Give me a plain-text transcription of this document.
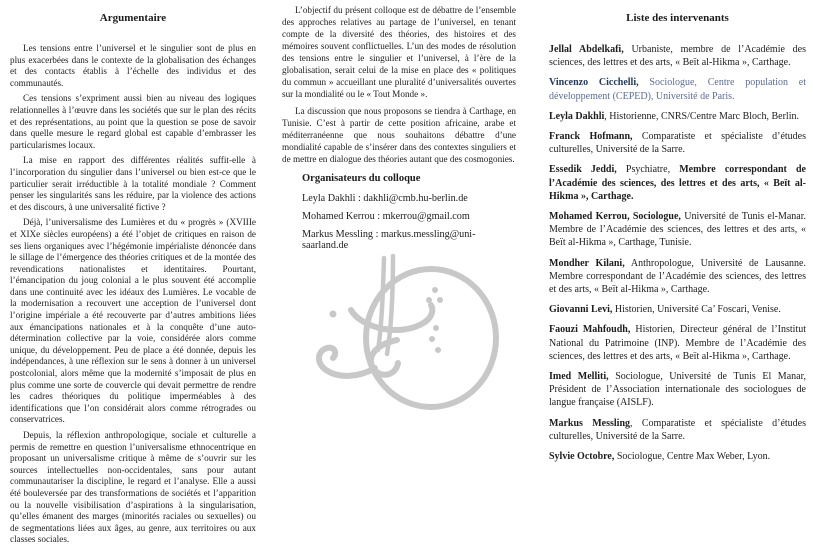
Argumentaire

Les tensions entre l’universel et le singulier sont de plus en plus exacerbées dans le contexte de la globalisation des échanges et des contacts établis à l’échelle des individus et des communautés.

Ces tensions s’expriment aussi bien au niveau des logiques relationnelles à l’œuvre dans les sociétés que sur le plan des récits et des représentations, au point que la question se pose de savoir dans quelle mesure le regard global est capable d’embrasser les particularismes locaux.

La mise en rapport des différentes réalités suffit-elle à l’incorporation du singulier dans l’universel ou bien est-ce que le particulier serait irréductible à la totalité mondiale ? Comment penser les singularités sans les réduire, par la violence des actions et des discours, à une universalité fictive ?

Déjà, l’universalisme des Lumières et du « progrès » (XVIIIe et XIXe siècles européens) a été l’objet de critiques en raison de ses liens organiques avec l’hégémonie impérialiste dénoncée dans le sillage de l’émergence des théories critiques et de la montée des revendications nationalistes et identitaires. Pourtant, l’émancipation du joug colonial a le plus souvent été accomplie dans une continuité avec les idéaux des Lumières. Le vocable de la modernisation a recouvert une acception de l’universel dont l’origine impériale a été recouverte par d’autres ambitions liées aux émancipations nationales et à la conquête d’une auto-détermination collective par la voie, considérée alors comme unique, du développement. Peu de place a été donnée, depuis les indépendances, à une réflexion sur le sens à donner à un universel postcolonial, alors même que la modernité s’imposait de plus en plus comme une sorte de couvercle qui devait permettre de rendre les cadres théoriques du politique imperméables à des identifications que l’on considérait alors comme rétrogrades ou conservatrices.

Depuis, la réflexion anthropologique, sociale et culturelle a permis de remettre en question l’universalisme ethnocentrique en proposant un universalisme critique à même de s’ouvrir sur les sources intellectuelles non-occidentales, sans pour autant communautariser la discipline, le regard et l’analyse. Elle a aussi été bouleversée par des transformations de sociétés et l’apparition ou la nouvelle visibilisation d’aspirations à la singularisation, qu’elles émanent des marges (minorités raciales ou sexuelles) ou de segmentations liées aux âges, au genre, aux territoires ou aux classes sociales.

L’objectif du présent colloque est de débattre de l’ensemble des approches relatives au partage de l’universel, en tenant compte de la diversité des théories, des histoires et des mémoires souvent conflictuelles. L’un des modes de résolution des tensions entre le singulier et l’universel, à l’ère de la globalisation, serait celui de la mise en place des « politiques du commun » accueillant une pluralité d’universalités ouvertes sur la mondialité ou le « Tout Monde ».

La discussion que nous proposons se tiendra à Carthage, en Tunisie. C’est à partir de cette position africaine, arabe et méditerranéenne que nous souhaitons débattre d’une mondialité capable de s’insérer dans des contextes singuliers et de mettre en dialogue des théories autant que des cosmogonies.

Organisateurs du colloque

Leyla Dakhli : dakhli@cmb.hu-berlin.de

Mohamed Kerrou : mkerrou@gmail.com

Markus Messling : markus.messling@uni-saarland.de

Liste des intervenants

Jellal Abdelkafi, Urbaniste, membre de l’Académie des sciences, des lettres et des arts, « Beït al-Hikma », Carthage.

Vincenzo Cicchelli, Sociologue, Centre population et développement (CEPED), Université de Paris.

Leyla Dakhli, Historienne, CNRS/Centre Marc Bloch, Berlin.

Franck Hofmann, Comparatiste et spécialiste d’études culturelles, Université de la Sarre.

Essedik Jeddi, Psychiatre, Membre correspondant de l’Académie des sciences, des lettres et des arts, « Beït al-Hikma », Carthage.

Mohamed Kerrou, Sociologue, Université de Tunis el-Manar. Membre de l’Académie des sciences, des lettres et des arts, « Beït al-Hikma », Carthage, Tunisie.

Mondher Kilani, Anthropologue, Université de Lausanne. Membre correspondant de l’Académie des sciences, des lettres et des arts, « Beït al-Hikma », Carthage.

Giovanni Levi, Historien, Université Ca’ Foscari, Venise.

Faouzi Mahfoudh, Historien, Directeur général de l’Institut National du Patrimoine (INP). Membre de l’Académie des sciences, des lettres et des arts, « Beït al-Hikma », Carthage.

Imed Melliti, Sociologue, Université de Tunis El Manar, Président de l’Association internationale des sociologues de langue française (AISLF).

Markus Messling, Comparatiste et spécialiste d’études culturelles, Université de la Sarre.

Sylvie Octobre, Sociologue, Centre Max Weber, Lyon.
